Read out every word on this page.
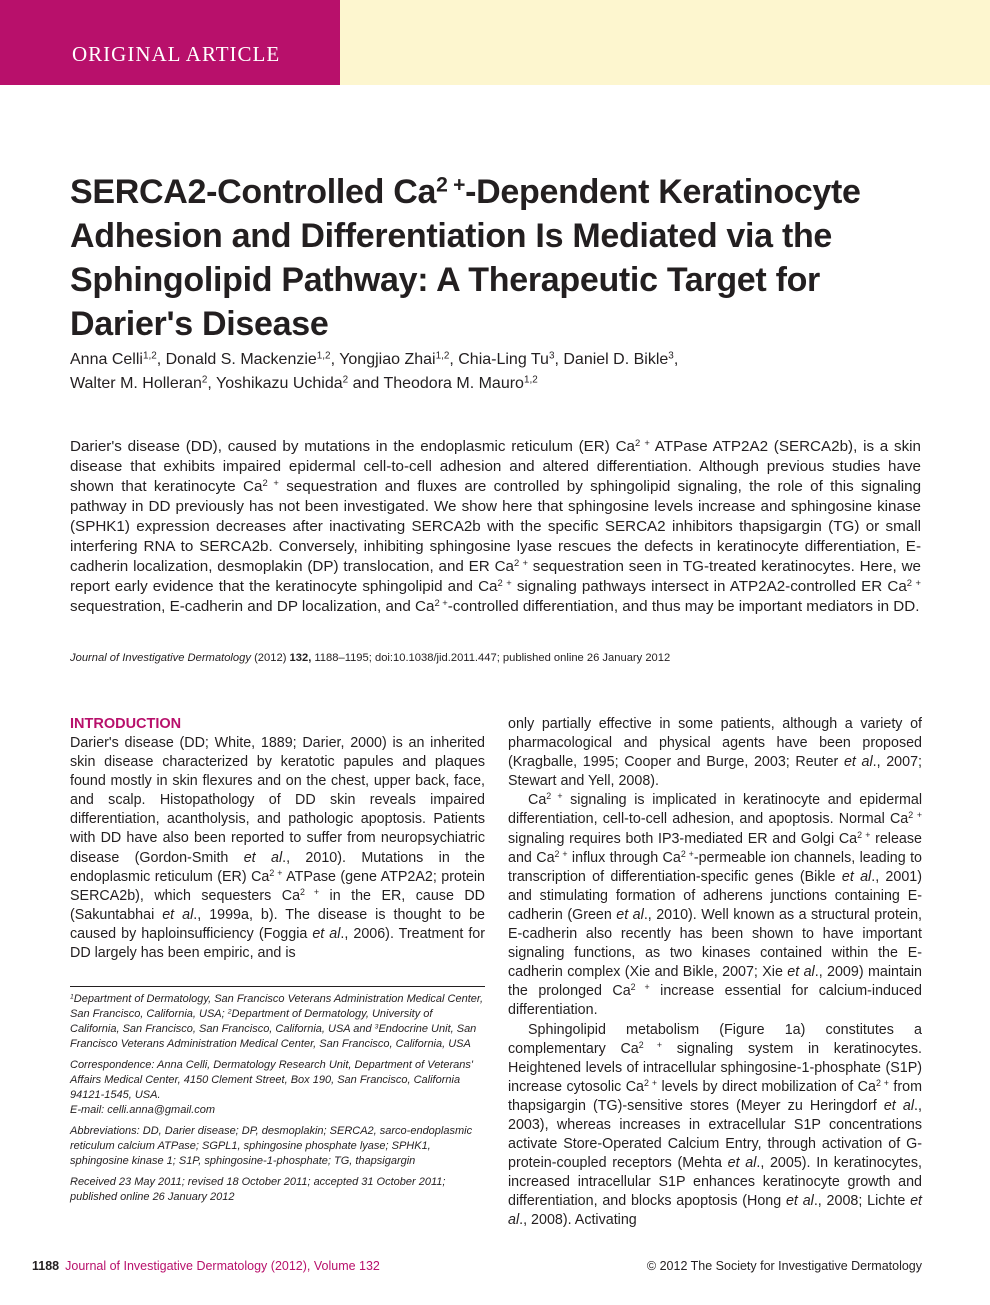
ORIGINAL ARTICLE
SERCA2-Controlled $Ca^{2 +}$-Dependent Keratinocyte Adhesion and Differentiation Is Mediated via the Sphingolipid Pathway: A Therapeutic Target for Darier's Disease
Anna Celli$^{1,2}$, Donald S. Mackenzie$^{1,2}$, Yongjiao Zhai$^{1,2}$, Chia-Ling Tu$^3$, Daniel D. Bikle$^3$,
Walter M. Holleran$^2$, Yoshikazu Uchida$^2$ and Theodora M. Mauro$^{1,2}$

Darier's disease (DD), caused by mutations in the endoplasmic reticulum (ER) $Ca^{2 +}$ ATPase ATP2A2 (SERCA2b), is a skin disease that exhibits impaired epidermal cell-to-cell adhesion and altered differentiation. Although previous studies have shown that keratinocyte $Ca^{2 +}$ sequestration and fluxes are controlled by sphingolipid signaling, the role of this signaling pathway in DD previously has not been investigated. We show here that sphingosine levels increase and sphingosine kinase (SPHK1) expression decreases after inactivating SERCA2b with the specific SERCA2 inhibitors thapsigargin (TG) or small interfering RNA to SERCA2b. Conversely, inhibiting sphingosine lyase rescues the defects in keratinocyte differentiation, E-cadherin localization, desmoplakin (DP) translocation, and ER $Ca^{2 +}$ sequestration seen in TG-treated keratinocytes. Here, we report early evidence that the keratinocyte sphingolipid and $Ca^{2 +}$ signaling pathways intersect in ATP2A2-controlled ER $Ca^{2 +}$ sequestration, E-cadherin and DP localization, and $Ca^{2 +}$-controlled differentiation, and thus may be important mediators in DD.

Journal of Investigative Dermatology (2012) 132, 1188–1195; doi:10.1038/jid.2011.447; published online 26 January 2012
INTRODUCTION

Darier's disease (DD; White, 1889; Darier, 2000) is an inherited skin disease characterized by keratotic papules and plaques found mostly in skin flexures and on the chest, upper back, face, and scalp. Histopathology of DD skin reveals impaired differentiation, acantholysis, and pathologic apoptosis. Patients with DD have also been reported to suffer from neuropsychiatric disease (Gordon-Smith et al., 2010). Mutations in the endoplasmic reticulum (ER) $Ca^{2 +}$ ATPase (gene ATP2A2; protein SERCA2b), which sequesters $Ca^{2 +}$ in the ER, cause DD (Sakuntabhai et al., 1999a, b). The disease is thought to be caused by haploinsufficiency (Foggia et al., 2006). Treatment for DD largely has been empiric, and is

only partially effective in some patients, although a variety of pharmacological and physical agents have been proposed (Kragballe, 1995; Cooper and Burge, 2003; Reuter et al., 2007; Stewart and Yell, 2008).

$Ca^{2 +}$ signaling is implicated in keratinocyte and epidermal differentiation, cell-to-cell adhesion, and apoptosis. Normal $Ca^{2 +}$ signaling requires both IP3-mediated ER and Golgi $Ca^{2 +}$ release and $Ca^{2 +}$ influx through $Ca^{2 +}$-permeable ion channels, leading to transcription of differentiation-specific genes (Bikle et al., 2001) and stimulating formation of adherens junctions containing E-cadherin (Green et al., 2010). Well known as a structural protein, E-cadherin also recently has been shown to have important signaling functions, as two kinases contained within the E-cadherin complex (Xie and Bikle, 2007; Xie et al., 2009) maintain the prolonged $Ca^{2 +}$ increase essential for calcium-induced differentiation.

Sphingolipid metabolism (Figure 1a) constitutes a complementary $Ca^{2 +}$ signaling system in keratinocytes. Heightened levels of intracellular sphingosine-1-phosphate (S1P) increase cytosolic $Ca^{2 +}$ levels by direct mobilization of $Ca^{2 +}$ from thapsigargin (TG)-sensitive stores (Meyer zu Heringdorf et al., 2003), whereas increases in extracellular S1P concentrations activate Store-Operated Calcium Entry, through activation of G-protein-coupled receptors (Mehta et al., 2005). In keratinocytes, increased intracellular S1P enhances keratinocyte growth and differentiation, and blocks apoptosis (Hong et al., 2008; Lichte et al., 2008). Activating

$^1$Department of Dermatology, San Francisco Veterans Administration Medical Center, San Francisco, California, USA; $^2$Department of Dermatology, University of California, San Francisco, San Francisco, California, USA and $^3$Endocrine Unit, San Francisco Veterans Administration Medical Center, San Francisco, California, USA

Correspondence: Anna Celli, Dermatology Research Unit, Department of Veterans' Affairs Medical Center, 4150 Clement Street, Box 190, San Francisco, California 94121-1545, USA.
E-mail: celli.anna@gmail.com

Abbreviations: DD, Darier disease; DP, desmoplakin; SERCA2, sarco-endoplasmic reticulum calcium ATPase; SGPL1, sphingosine phosphate lyase; SPHK1, sphingosine kinase 1; S1P, sphingosine-1-phosphate; TG, thapsigargin

Received 23 May 2011; revised 18 October 2011; accepted 31 October 2011; published online 26 January 2012

1188 Journal of Investigative Dermatology (2012), Volume 132	© 2012 The Society for Investigative Dermatology
